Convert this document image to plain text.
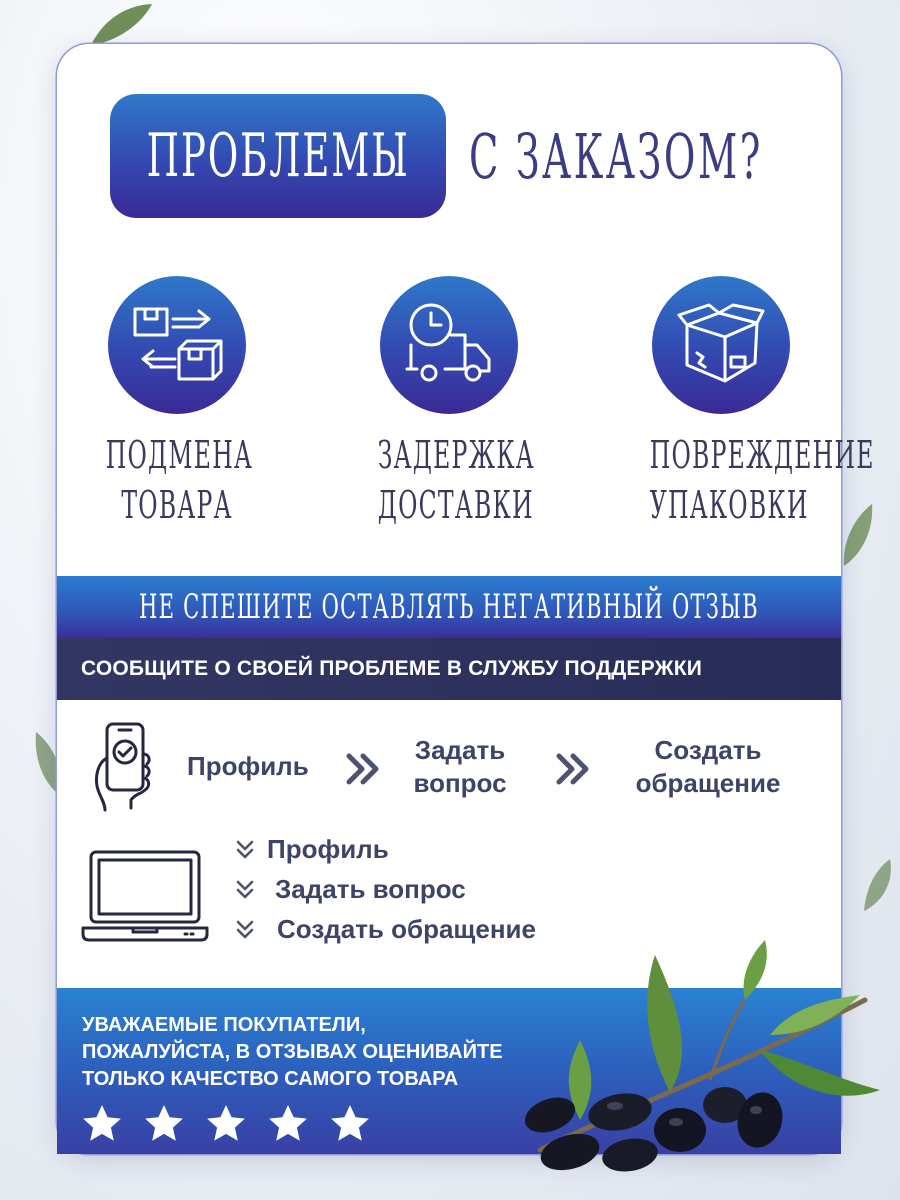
ПРОБЛЕМЫ С ЗАКАЗОМ?
ПОДМЕНА
ТОВАРА
ЗАДЕРЖКА
ДОСТАВКИ
ПОВРЕЖДЕНИЕ
УПАКОВКИ
НЕ СПЕШИТЕ ОСТАВЛЯТЬ НЕГАТИВНЫЙ ОТЗЫВ
СООБЩИТЕ О СВОЕЙ ПРОБЛЕМЕ В СЛУЖБУ ПОДДЕРЖКИ
Профиль
Задать
вопрос
Создать
обращение
Профиль
Задать вопрос
Создать обращение
УВАЖАЕМЫЕ ПОКУПАТЕЛИ,
ПОЖАЛУЙСТА, В ОТЗЫВАХ ОЦЕНИВАЙТЕ
ТОЛЬКО КАЧЕСТВО САМОГО ТОВАРА
